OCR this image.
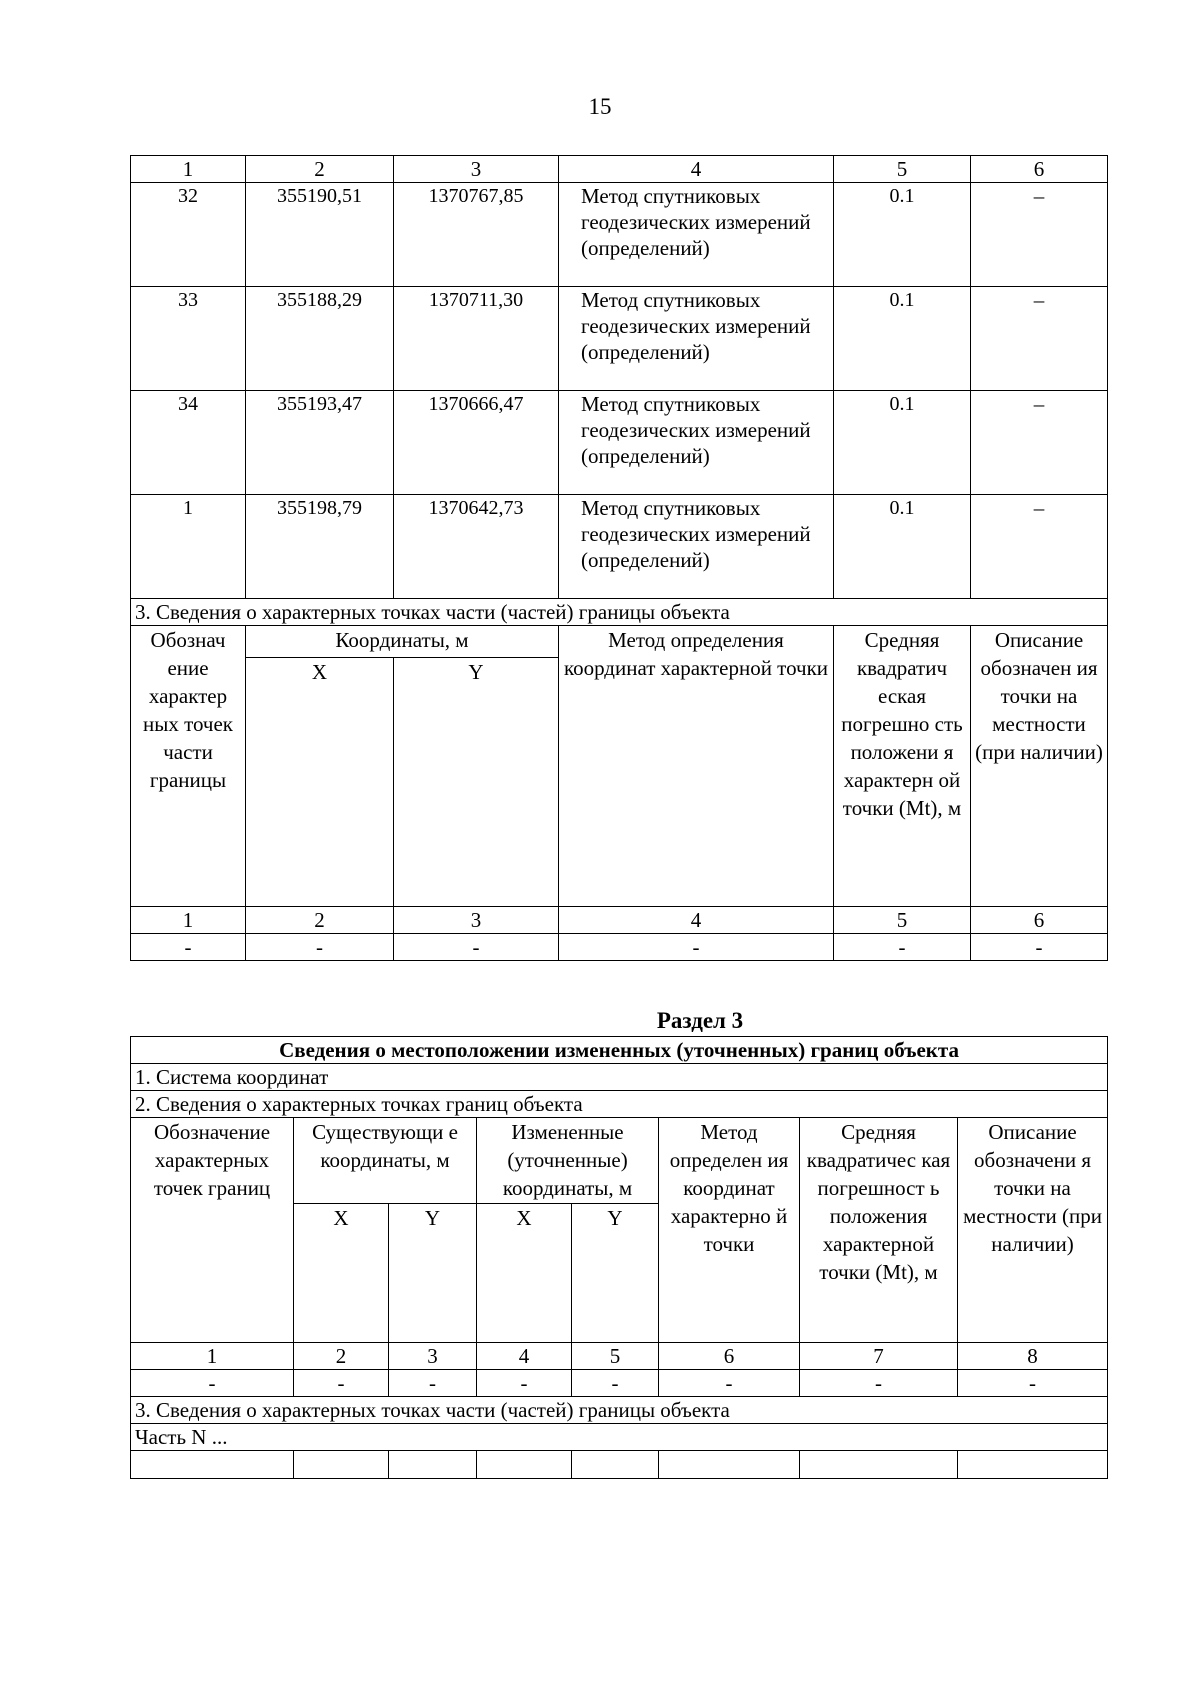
15
1	2	3	4	5	6
32	355190,51	1370767,85	Метод спутниковых геодезических измерений (определений)	0.1	–
33	355188,29	1370711,30	Метод спутниковых геодезических измерений (определений)	0.1	–
34	355193,47	1370666,47	Метод спутниковых геодезических измерений (определений)	0.1	–
1	355198,79	1370642,73	Метод спутниковых геодезических измерений (определений)	0.1	–
3. Сведения о характерных точках части (частей) границы объекта					
Обознач ение характер ных точек части границы	Координаты, м		Метод определения координат характерной точки	Средняя квадратич еская погрешно сть положени я характерн ой точки (Mt), м	Описание обозначен ия точки на местности (при наличии)
	X	Y			
1	2	3	4	5	6
-	-	-	-	-	-
Раздел 3
Сведения о местоположении измененных (уточненных) границ объекта							
1. Система координат							
2. Сведения о характерных точках границ объекта							
Обозначение характерных точек границ	Существующи е координаты, м		Измененные (уточненные) координаты, м		Метод определен ия координат характерно й точки	Средняя квадратичес кая погрешност ь положения характерной точки (Mt), м	Описание обозначени я точки на местности (при наличии)
	X	Y	X	Y			
1	2	3	4	5	6	7	8
-	-	-	-	-	-	-	-
3. Сведения о характерных точках части (частей) границы объекта							
Часть N ...							
